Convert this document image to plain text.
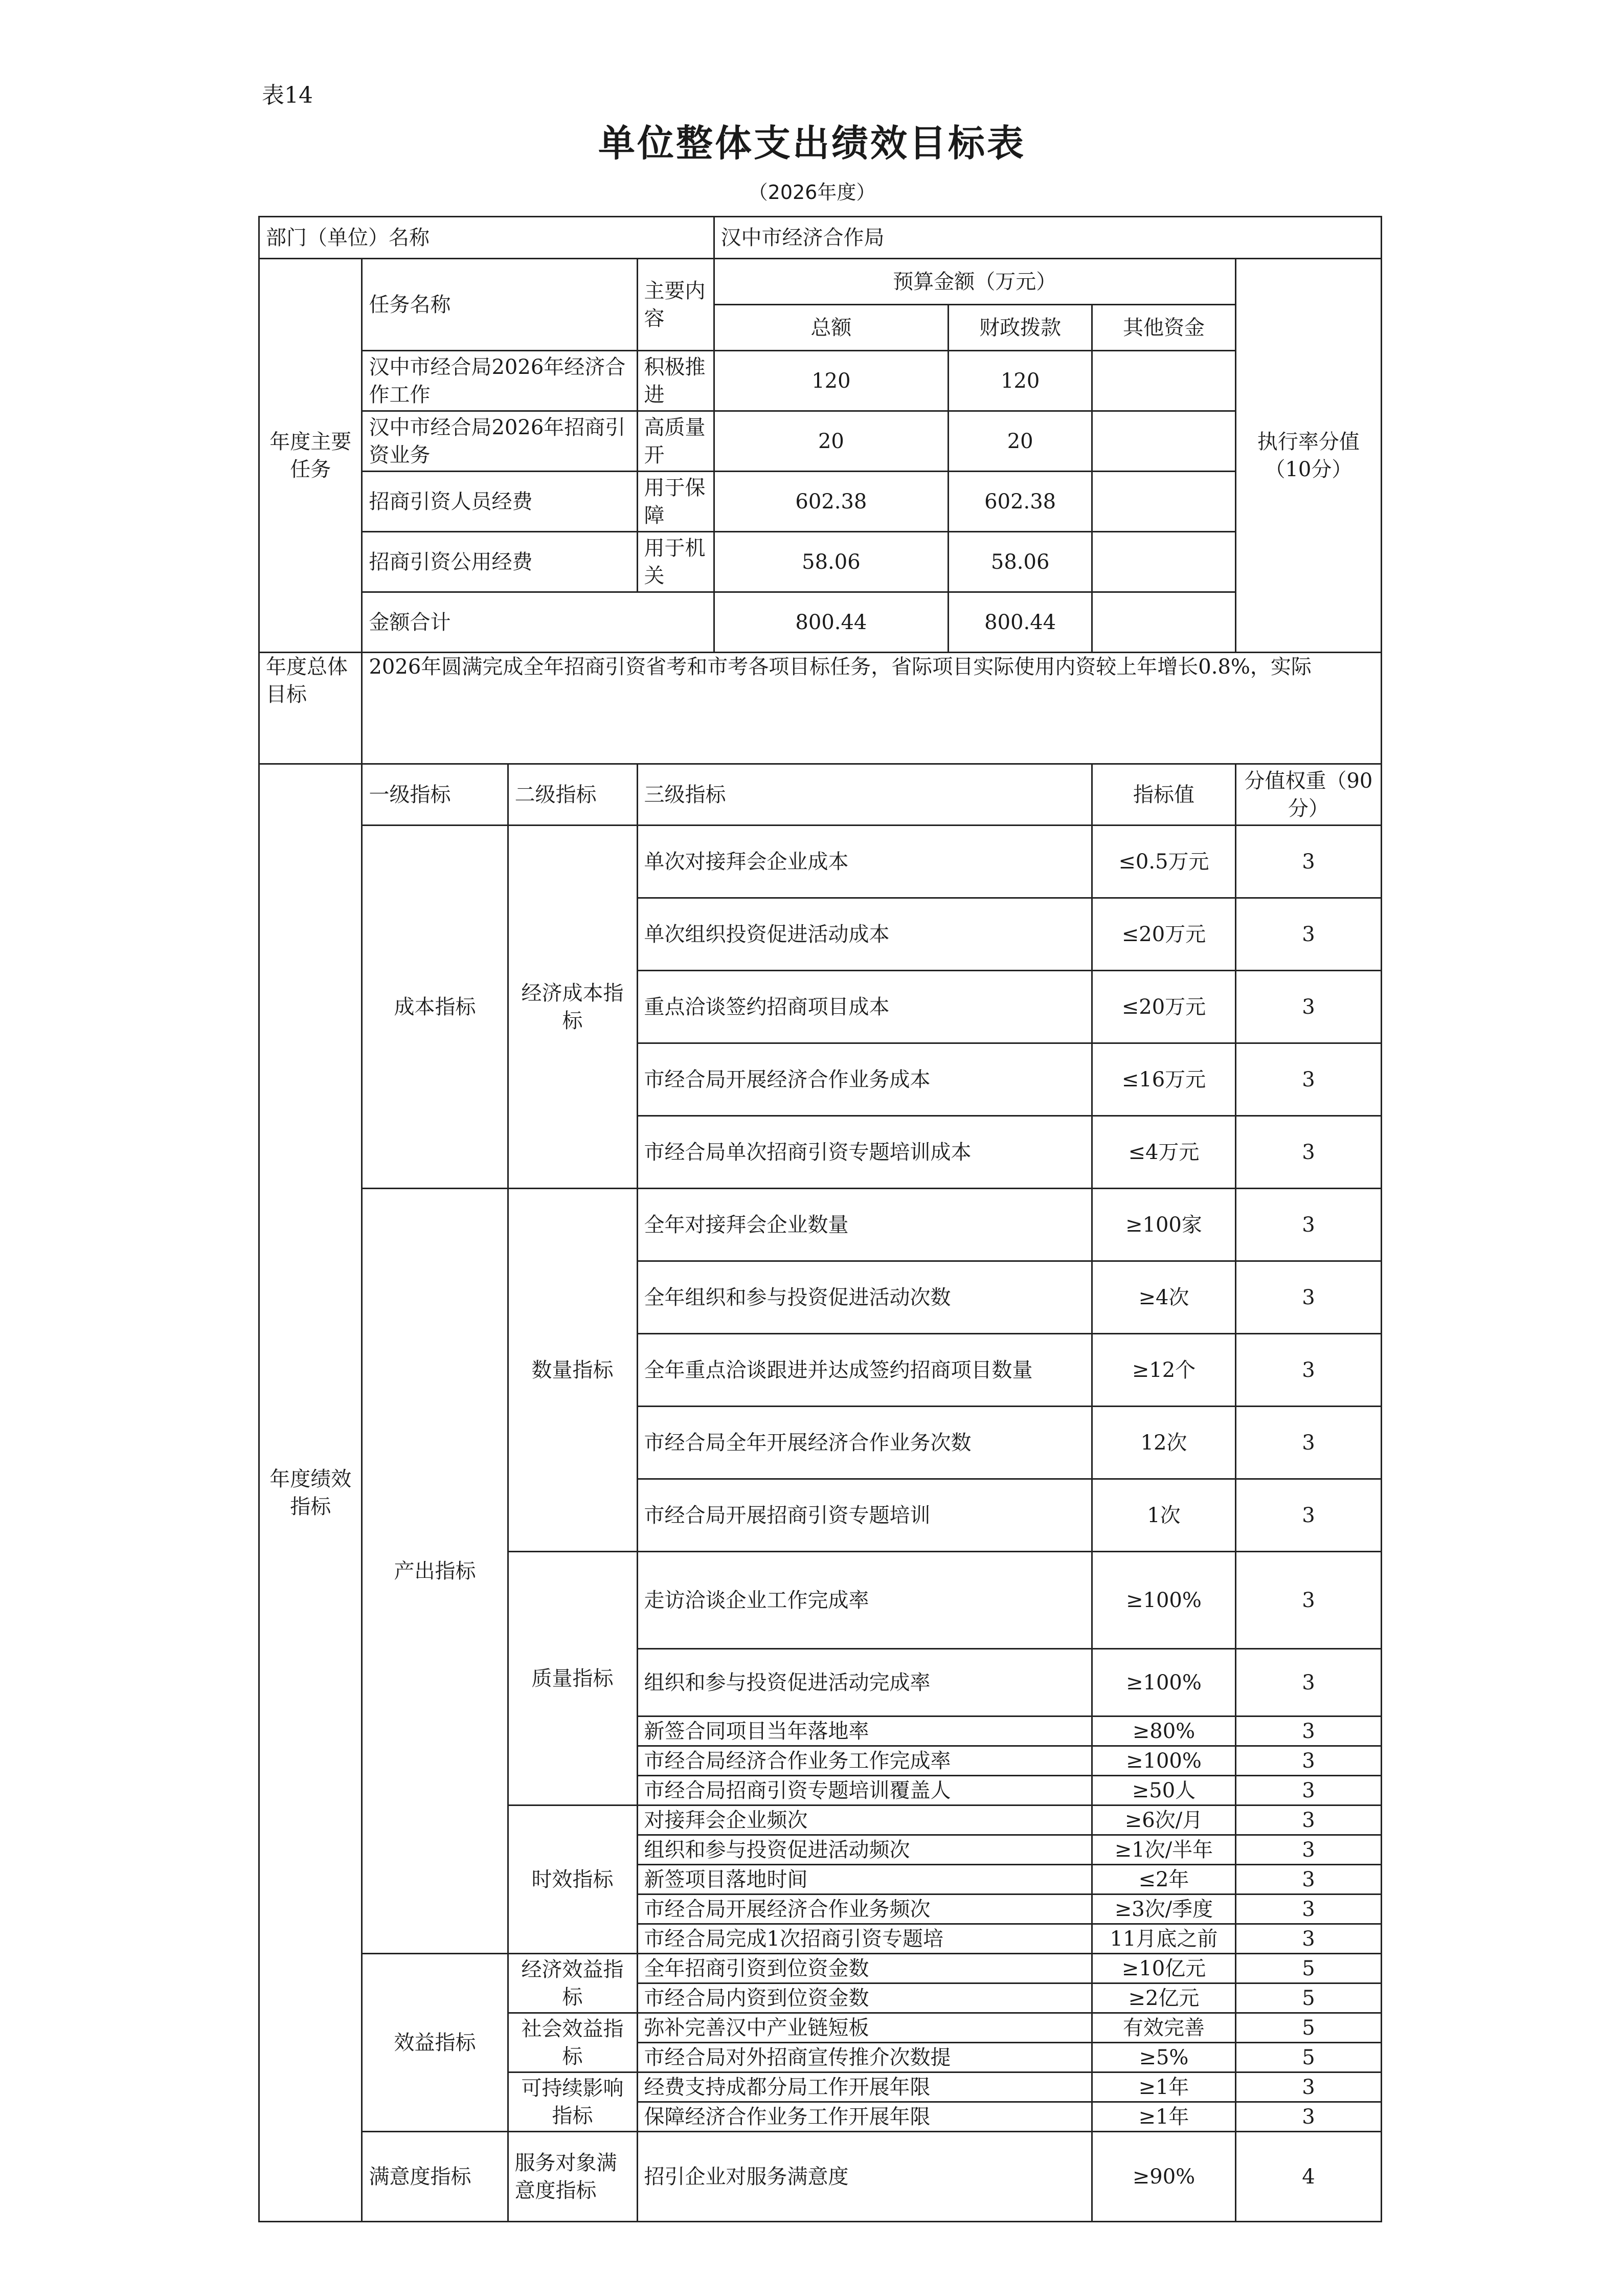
表14
单位整体支出绩效目标表
（2026年度）
部门（单位）名称				汉中市经济合作局			
年度主要任务	任务名称		主要内容	预算金额（万元）			执行率分值（10分）
				总额	财政拨款	其他资金	
	汉中市经合局2026年经济合作工作		积极推进	120	120		
	汉中市经合局2026年招商引资业务		高质量开	20	20		
	招商引资人员经费		用于保障	602.38	602.38		
	招商引资公用经费		用于机关	58.06	58.06		
	金额合计			800.44	800.44		
年度总体目标	2026年圆满完成全年招商引资省考和市考各项目标任务，省际项目实际使用内资较上年增长0.8%，实际						
年度绩效指标	一级指标	二级指标	三级指标			指标值	分值权重（90分）
	成本指标	经济成本指标	单次对接拜会企业成本			≤0.5万元	3
			单次组织投资促进活动成本			≤20万元	3
			重点洽谈签约招商项目成本			≤20万元	3
			市经合局开展经济合作业务成本			≤16万元	3
			市经合局单次招商引资专题培训成本			≤4万元	3
	产出指标	数量指标	全年对接拜会企业数量			≥100家	3
			全年组织和参与投资促进活动次数			≥4次	3
			全年重点洽谈跟进并达成签约招商项目数量			≥12个	3
			市经合局全年开展经济合作业务次数			12次	3
			市经合局开展招商引资专题培训			1次	3
		质量指标	走访洽谈企业工作完成率			≥100%	3
			组织和参与投资促进活动完成率			≥100%	3
			新签合同项目当年落地率			≥80%	3
			市经合局经济合作业务工作完成率			≥100%	3
			市经合局招商引资专题培训覆盖人			≥50人	3
		时效指标	对接拜会企业频次			≥6次/月	3
			组织和参与投资促进活动频次			≥1次/半年	3
			新签项目落地时间			≤2年	3
			市经合局开展经济合作业务频次			≥3次/季度	3
			市经合局完成1次招商引资专题培			11月底之前	3
	效益指标	经济效益指标	全年招商引资到位资金数			≥10亿元	5
			市经合局内资到位资金数			≥2亿元	5
		社会效益指标	弥补完善汉中产业链短板			有效完善	5
			市经合局对外招商宣传推介次数提			≥5%	5
		可持续影响指标	经费支持成都分局工作开展年限			≥1年	3
			保障经济合作业务工作开展年限			≥1年	3
	满意度指标	服务对象满意度指标	招引企业对服务满意度			≥90%	4
